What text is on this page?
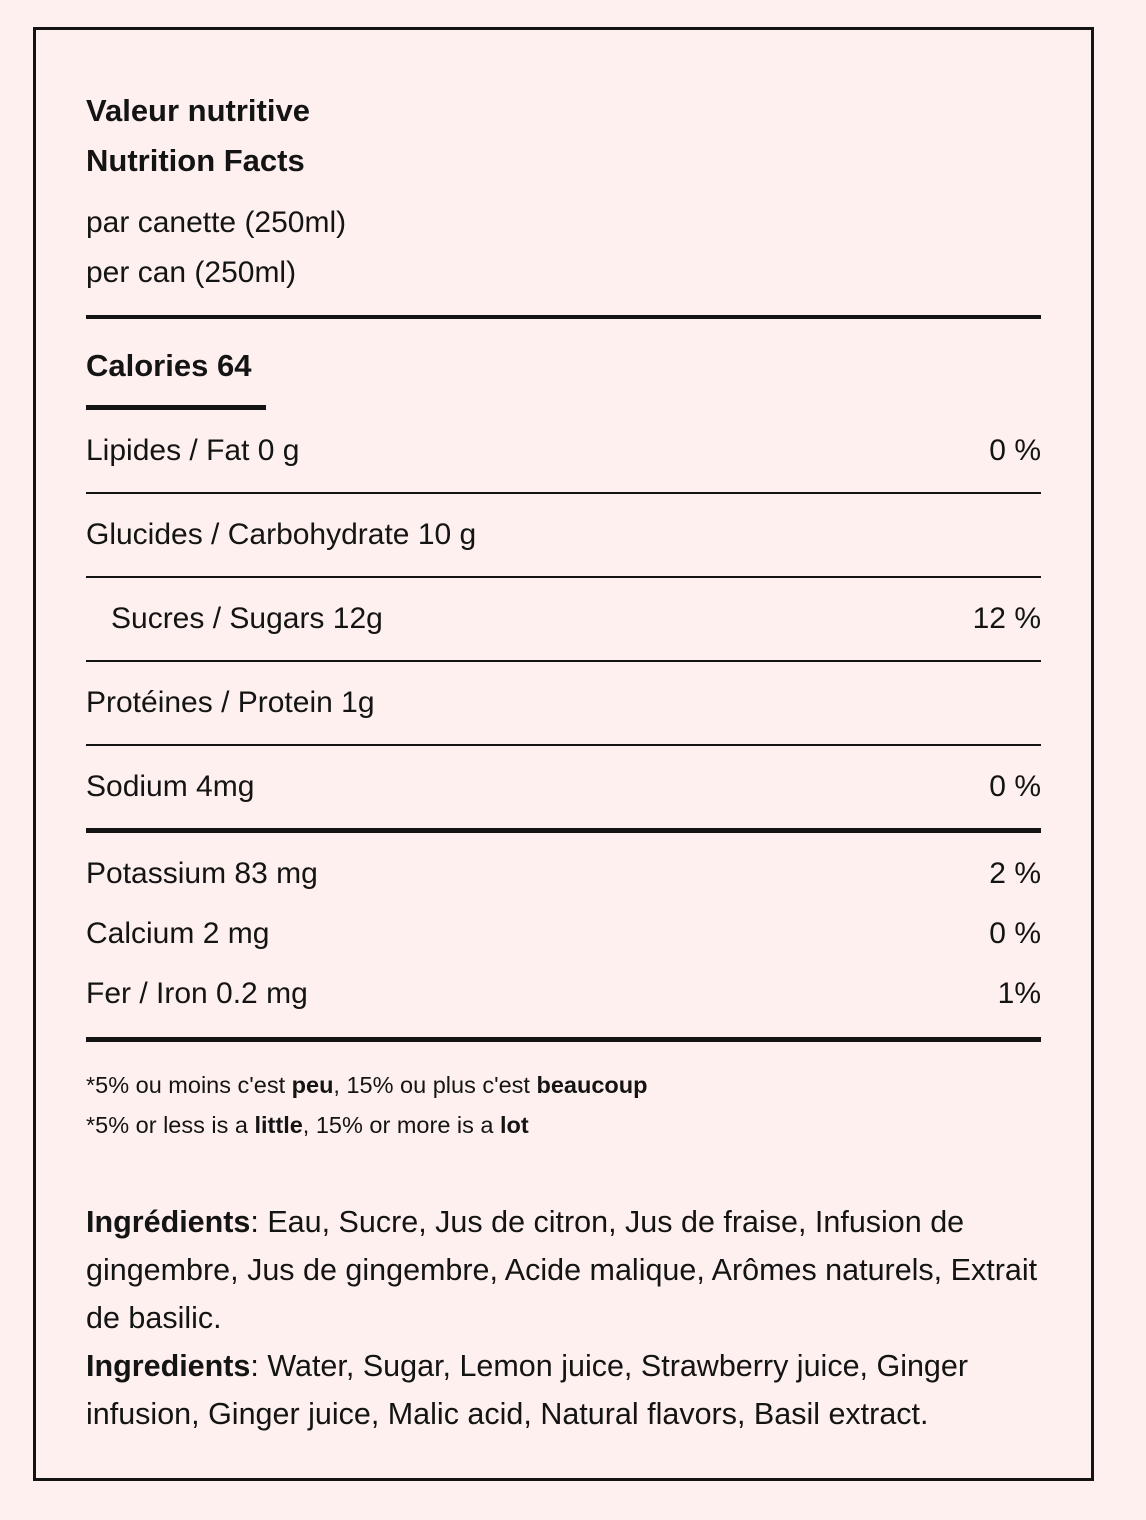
Valeur nutritive
Nutrition Facts
par canette (250ml)
per can (250ml)
Calories 64
Lipides / Fat 0 g	0 %
Glucides / Carbohydrate 10 g
Sucres / Sugars 12g	12 %
Protéines / Protein 1g
Sodium 4mg	0 %
Potassium 83 mg	2 %
Calcium 2 mg	0 %
Fer / Iron 0.2 mg	1%

*5% ou moins c'est peu, 15% ou plus c'est beaucoup

*5% or less is a little, 15% or more is a lot

Ingrédients: Eau, Sucre, Jus de citron, Jus de fraise, Infusion de gingembre, Jus de gingembre, Acide malique, Arômes naturels, Extrait de basilic.

Ingredients: Water, Sugar, Lemon juice, Strawberry juice, Ginger infusion, Ginger juice, Malic acid, Natural flavors, Basil extract.
